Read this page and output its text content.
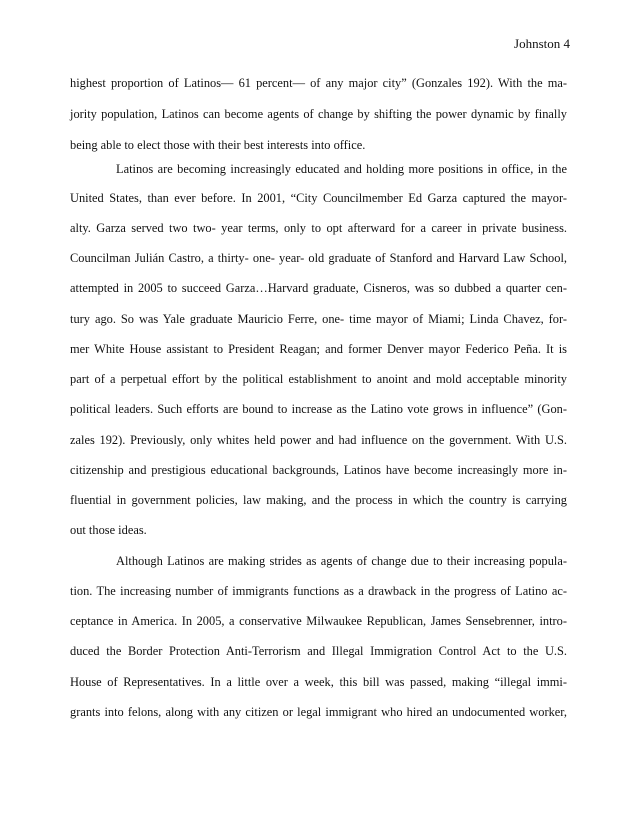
Johnston 4
highest proportion of Latinos— 61 percent— of any major city” (Gonzales 192). With the ma-
jority population, Latinos can become agents of change by shifting the power dynamic by finally
being able to elect those with their best interests into office.
Latinos are becoming increasingly educated and holding more positions in office, in the
United States, than ever before. In 2001, “City Councilmember Ed Garza captured the mayor-
alty. Garza served two two- year terms, only to opt afterward for a career in private business.
Councilman Julián Castro, a thirty- one- year- old graduate of Stanford and Harvard Law School,
attempted in 2005 to succeed Garza…Harvard graduate, Cisneros, was so dubbed a quarter cen-
tury ago. So was Yale graduate Mauricio Ferre, one- time mayor of Miami; Linda Chavez, for-
mer White House assistant to President Reagan; and former Denver mayor Federico Peña. It is
part of a perpetual effort by the political establishment to anoint and mold acceptable minority
political leaders. Such efforts are bound to increase as the Latino vote grows in influence” (Gon-
zales 192). Previously, only whites held power and had influence on the government. With U.S.
citizenship and prestigious educational backgrounds, Latinos have become increasingly more in-
fluential in government policies, law making, and the process in which the country is carrying
out those ideas.
Although Latinos are making strides as agents of change due to their increasing popula-
tion. The increasing number of immigrants functions as a drawback in the progress of Latino ac-
ceptance in America. In 2005, a conservative Milwaukee Republican, James Sensebrenner, intro-
duced the Border Protection Anti-Terrorism and Illegal Immigration Control Act to the U.S.
House of Representatives. In a little over a week, this bill was passed, making “illegal immi-
grants into felons, along with any citizen or legal immigrant who hired an undocumented worker,
